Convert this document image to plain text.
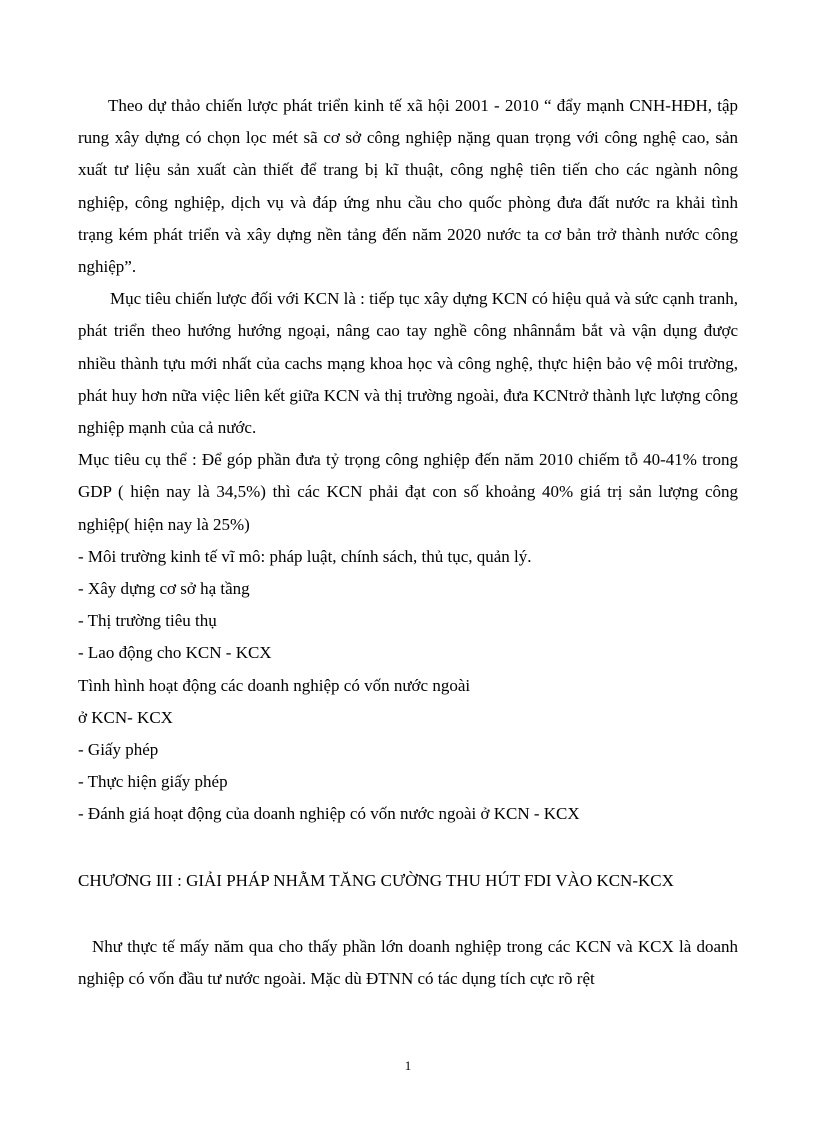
Theo dự thảo chiến lược phát triển kinh tế xã hội 2001 - 2010 “ đẩy mạnh CNH-HĐH, tập rung xây dựng có chọn lọc mét sã cơ sở công nghiệp nặng quan trọng với công nghệ cao, sản xuất tư liệu sản xuất càn thiết để trang bị kĩ thuật, công nghệ tiên tiến cho các ngành nông nghiệp, công nghiệp, dịch vụ và đáp ứng nhu cầu cho quốc phòng đưa đất nước ra khải tình trạng kém phát triển và xây dựng nền tảng đến năm 2020 nước ta cơ bản trở thành nước công nghiệp”.

Mục tiêu chiến lược đối với KCN là : tiếp tục xây dựng KCN có hiệu quả và sức cạnh tranh, phát triển theo hướng hướng ngoại, nâng cao tay nghề công nhânnắm bắt và vận dụng được nhiều thành tựu mới nhất của cachs mạng khoa học và công nghệ, thực hiện bảo vệ môi trường, phát huy hơn nữa việc liên kết giữa KCN và thị trường ngoài, đưa KCNtrở thành lực lượng công nghiệp mạnh của cả nước.

Mục tiêu cụ thể : Để góp phần đưa tỷ trọng công nghiệp đến năm 2010 chiếm tỗ 40-41% trong GDP ( hiện nay là 34,5%) thì các KCN phải đạt con số khoảng 40% giá trị sản lượng công nghiệp( hiện nay là 25%)

- Môi trường kinh tế vĩ mô: pháp luật, chính sách, thủ tục, quản lý.

- Xây dựng cơ sở hạ tầng

- Thị trường tiêu thụ

- Lao động cho KCN - KCX

Tình hình hoạt động các doanh nghiệp có vốn nước ngoài

ở KCN- KCX

- Giấy phép

- Thực hiện giấy phép

- Đánh giá hoạt động của doanh nghiệp có vốn nước ngoài ở KCN - KCX

CHƯƠNG III : GIẢI PHÁP NHẰM TĂNG CƯỜNG THU HÚT FDI VÀO KCN-KCX

Như thực tế mấy năm qua cho thấy phần lớn doanh nghiệp trong các KCN và KCX là doanh nghiệp có vốn đầu tư nước ngoài. Mặc dù ĐTNN có tác dụng tích cực rõ rệt

1
